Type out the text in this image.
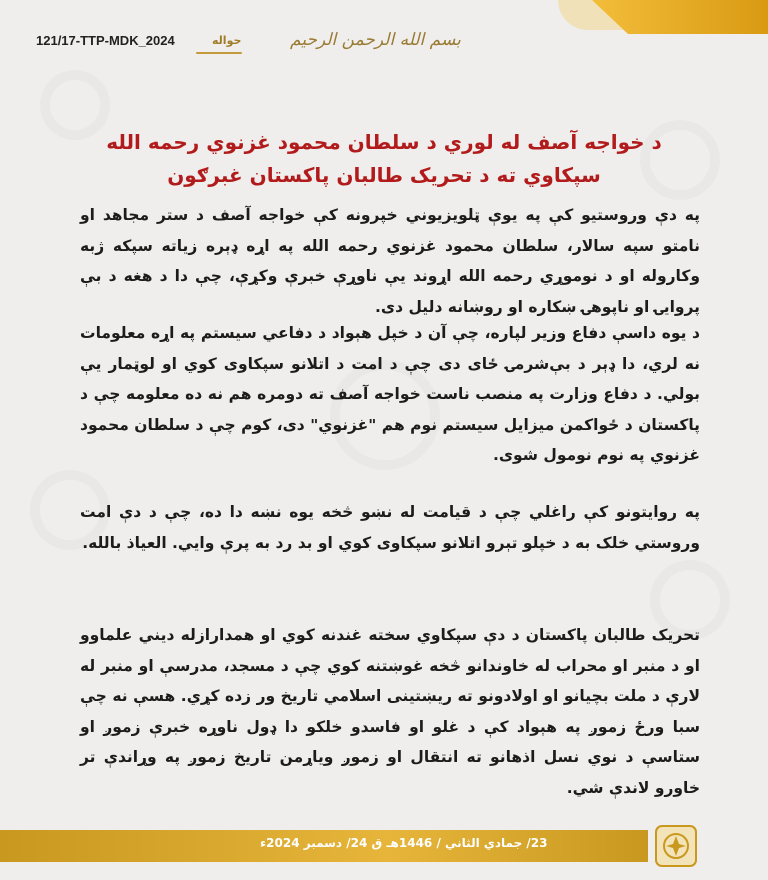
121/17-TTP-MDK_2024	حواله	بسم الله الرحمن الرحيم
د خواجه آصف له لوري د سلطان محمود غزنوي رحمه الله
سپکاوي ته د تحریک طالبان پاکستان غبرګون
په دې وروستیو کې په یوې ټلويزيوني خپرونه کې خواجه آصف د ستر مجاهد او نامتو سپه سالار، سلطان محمود غزنوي رحمه الله په اړه ډېره زياته سپکه ژبه وکاروله او د نوموړي رحمه الله اړوند يې ناوړې خبرې وکړې، چې دا د هغه د بې پروايۍ او ناپوهۍ ښکاره او روښانه دلیل دی.
د يوه داسې دفاع وزير لپاره، چې آن د خپل هېواد د دفاعي سيستم په اړه معلومات نه لري، دا ډېر د بې‌شرمۍ ځای دی چې د امت د اتلانو سپکاوی کوي او لوټمار يې بولي. د دفاع وزارت په منصب ناست خواجه آصف ته دومره هم نه ده معلومه چې د پاکستان د ځواکمن ميزايل سيستم نوم هم "غزنوي" دی، کوم چې د سلطان محمود غزنوي په نوم نومول شوی.
په روايتونو کې راغلي چې د قيامت له نښو څخه يوه نښه دا ده، چې د دې امت وروستي خلک به د خپلو تېرو اتلانو سپکاوی کوي او بد رد به پرې وايي. العياذ بالله.
تحريک طالبان پاکستان د دې سپکاوي سخته غندنه کوي او همدارازله ديني علماوو او د منبر او محراب له خاوندانو څخه غوښتنه کوي چې د مسجد، مدرسې او منبر له لارې د ملت بچيانو او اولادونو ته ريښتينی اسلامي تاريخ ور زده کړي. هسې نه چې سبا ورځ زموږ په هېواد کې د غلو او فاسدو خلکو دا ډول ناوړه خبرې زموږ او ستاسې د نوي نسل اذهانو ته انتقال او زموږ وياړمن تاريخ زموږ په وړاندې تر خاورو لاندې شي.
23/ جمادي الثاني / 1446هـ ق 24/ دسمبر 2024ء
